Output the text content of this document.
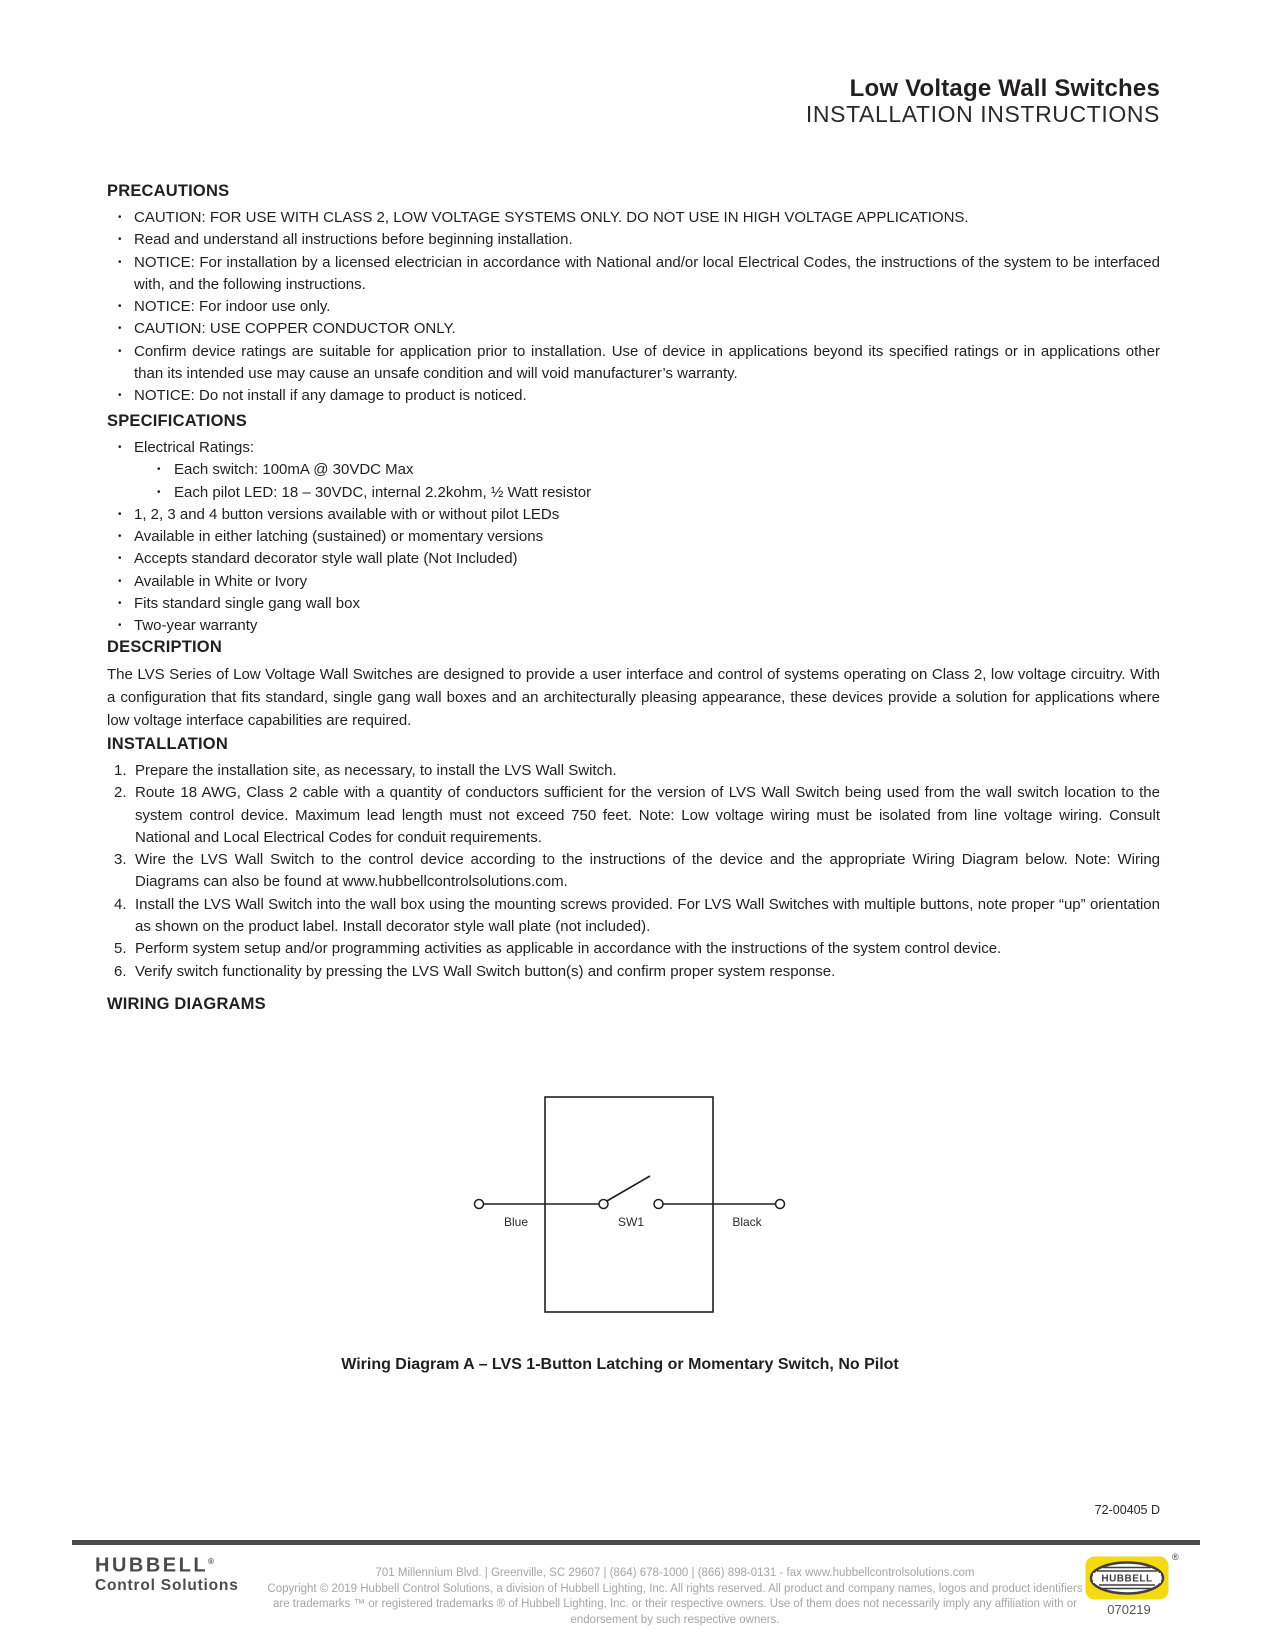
Low Voltage Wall Switches
INSTALLATION INSTRUCTIONS
PRECAUTIONS
• CAUTION: FOR USE WITH CLASS 2, LOW VOLTAGE SYSTEMS ONLY. DO NOT USE IN HIGH VOLTAGE APPLICATIONS.
• Read and understand all instructions before beginning installation.
• NOTICE: For installation by a licensed electrician in accordance with National and/or local Electrical Codes, the instructions of the system to be interfaced with, and the following instructions.
• NOTICE: For indoor use only.
• CAUTION: USE COPPER CONDUCTOR ONLY.
• Confirm device ratings are suitable for application prior to installation. Use of device in applications beyond its specified ratings or in applications other than its intended use may cause an unsafe condition and will void manufacturer’s warranty.
• NOTICE: Do not install if any damage to product is noticed.
SPECIFICATIONS
• Electrical Ratings:
• Each switch: 100mA @ 30VDC Max
• Each pilot LED: 18 – 30VDC, internal 2.2kohm, ½ Watt resistor
• 1, 2, 3 and 4 button versions available with or without pilot LEDs
• Available in either latching (sustained) or momentary versions
• Accepts standard decorator style wall plate (Not Included)
• Available in White or Ivory
• Fits standard single gang wall box
• Two-year warranty
DESCRIPTION

The LVS Series of Low Voltage Wall Switches are designed to provide a user interface and control of systems operating on Class 2, low voltage circuitry. With a configuration that fits standard, single gang wall boxes and an architecturally pleasing appearance, these devices provide a solution for applications where low voltage interface capabilities are required.

INSTALLATION
Prepare the installation site, as necessary, to install the LVS Wall Switch.
Route 18 AWG, Class 2 cable with a quantity of conductors sufficient for the version of LVS Wall Switch being used from the wall switch location to the system control device. Maximum lead length must not exceed 750 feet. Note: Low voltage wiring must be isolated from line voltage wiring. Consult National and Local Electrical Codes for conduit requirements.
Wire the LVS Wall Switch to the control device according to the instructions of the device and the appropriate Wiring Diagram below. Note: Wiring Diagrams can also be found at www.hubbellcontrolsolutions.com.
Install the LVS Wall Switch into the wall box using the mounting screws provided. For LVS Wall Switches with multiple buttons, note proper “up” orientation as shown on the product label. Install decorator style wall plate (not included).
Perform system setup and/or programming activities as applicable in accordance with the instructions of the system control device.
Verify switch functionality by pressing the LVS Wall Switch button(s) and confirm proper system response.
WIRING DIAGRAMS
Blue	SW1	Black
Wiring Diagram A – LVS 1-Button Latching or Momentary Switch, No Pilot
72-00405 D
HUBBELL®
Control Solutions
701 Millennium Blvd. | Greenville, SC 29607 | (864) 678-1000 | (866) 898-0131 - fax www.hubbellcontrolsolutions.com
Copyright © 2019 Hubbell Control Solutions, a division of Hubbell Lighting, Inc. All rights reserved. All product and company names, logos and product identifiers are trademarks ™ or registered trademarks ® of Hubbell Lighting, Inc. or their respective owners. Use of them does not necessarily imply any affiliation with or endorsement by such respective owners.
HUBBELL
®
070219
